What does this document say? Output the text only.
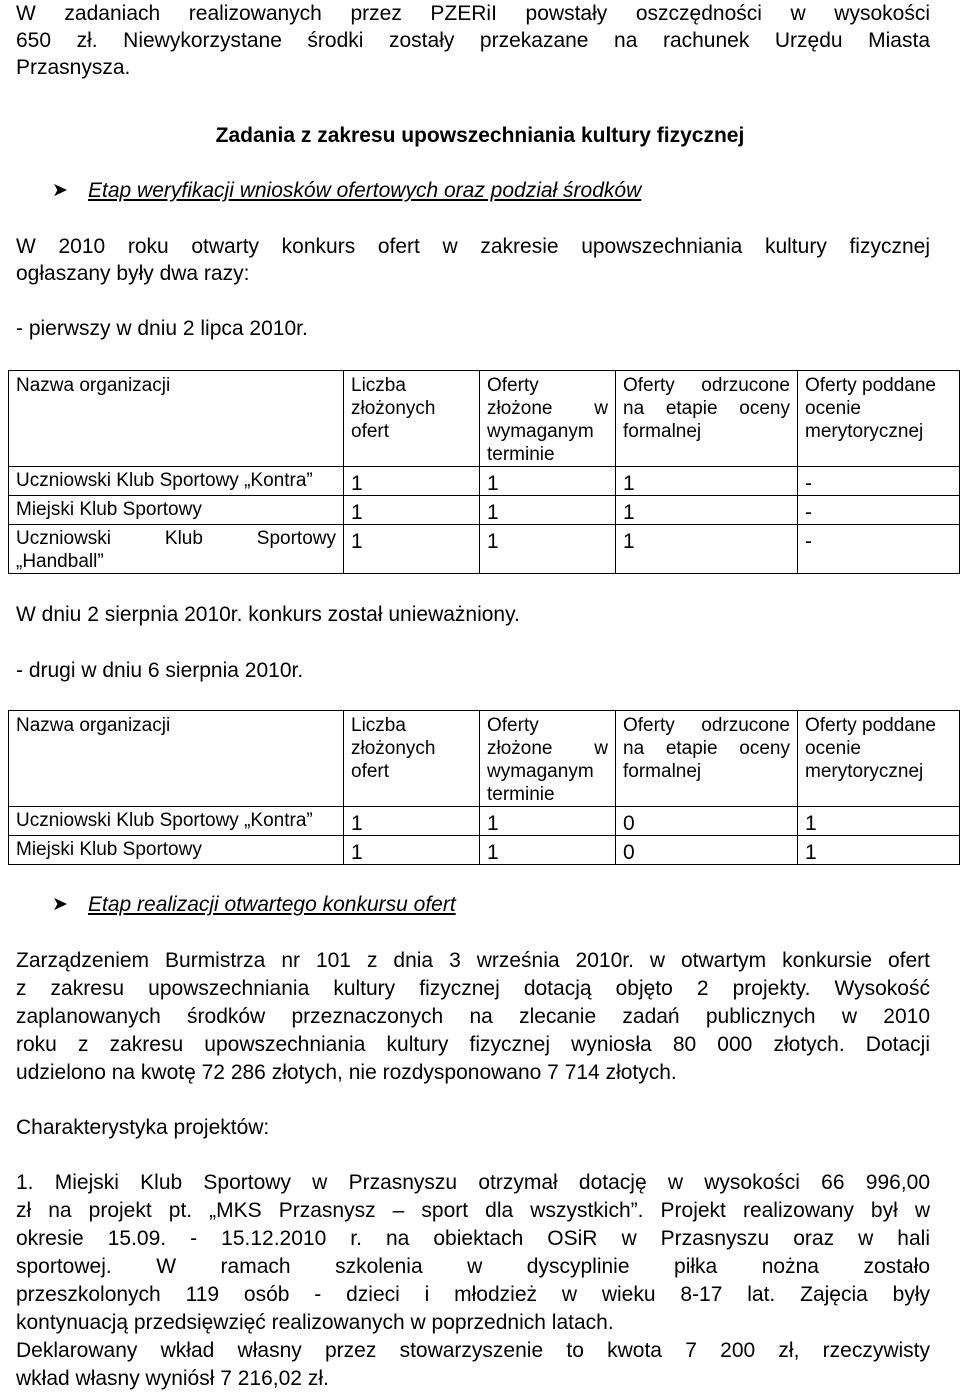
W zadaniach realizowanych przez PZERiI powstały oszczędności w wysokości
650 zł. Niewykorzystane środki zostały przekazane na rachunek Urzędu Miasta
Przasnysza.
Zadania z zakresu upowszechniania kultury fizycznej
➤ Etap weryfikacji wniosków ofertowych oraz podział środków
W 2010 roku otwarty konkurs ofert w zakresie upowszechniania kultury fizycznej
ogłaszany były dwa razy:
- pierwszy w dniu 2 lipca 2010r.
Nazwa organizacji	Liczba złożonych ofert	Oferty złożone w wymaganym terminie	Oferty odrzucone na etapie oceny formalnej	Oferty poddane ocenie merytorycznej
Uczniowski Klub Sportowy „Kontra”	1	1	1	-
Miejski Klub Sportowy	1	1	1	-

Uczniowski Klub Sportowy
„Handball”	1	1	1	-
W dniu 2 sierpnia 2010r. konkurs został unieważniony.
- drugi w dniu 6 sierpnia 2010r.
Nazwa organizacji	Liczba złożonych ofert	Oferty złożone w wymaganym terminie	Oferty odrzucone na etapie oceny formalnej	Oferty poddane ocenie merytorycznej
Uczniowski Klub Sportowy „Kontra”	1	1	0	1
Miejski Klub Sportowy	1	1	0	1
➤ Etap realizacji otwartego konkursu ofert
Zarządzeniem Burmistrza nr 101 z dnia 3 września 2010r. w otwartym konkursie ofert
z zakresu upowszechniania kultury fizycznej dotacją objęto 2 projekty. Wysokość
zaplanowanych środków przeznaczonych na zlecanie zadań publicznych w 2010
roku z zakresu upowszechniania kultury fizycznej wyniosła 80 000 złotych. Dotacji
udzielono na kwotę 72 286 złotych, nie rozdysponowano 7 714 złotych.
Charakterystyka projektów:
1. Miejski Klub Sportowy w Przasnyszu otrzymał dotację w wysokości 66 996,00
zł na projekt pt. „MKS Przasnysz – sport dla wszystkich”. Projekt realizowany był w
okresie 15.09. - 15.12.2010 r. na obiektach OSiR w Przasnyszu oraz w hali
sportowej. W ramach szkolenia w dyscyplinie piłka nożna zostało
przeszkolonych 119 osób - dzieci i młodzież w wieku 8-17 lat. Zajęcia były
kontynuacją przedsięwzięć realizowanych w poprzednich latach.
Deklarowany wkład własny przez stowarzyszenie to kwota 7 200 zł, rzeczywisty
wkład własny wyniósł 7 216,02 zł.
